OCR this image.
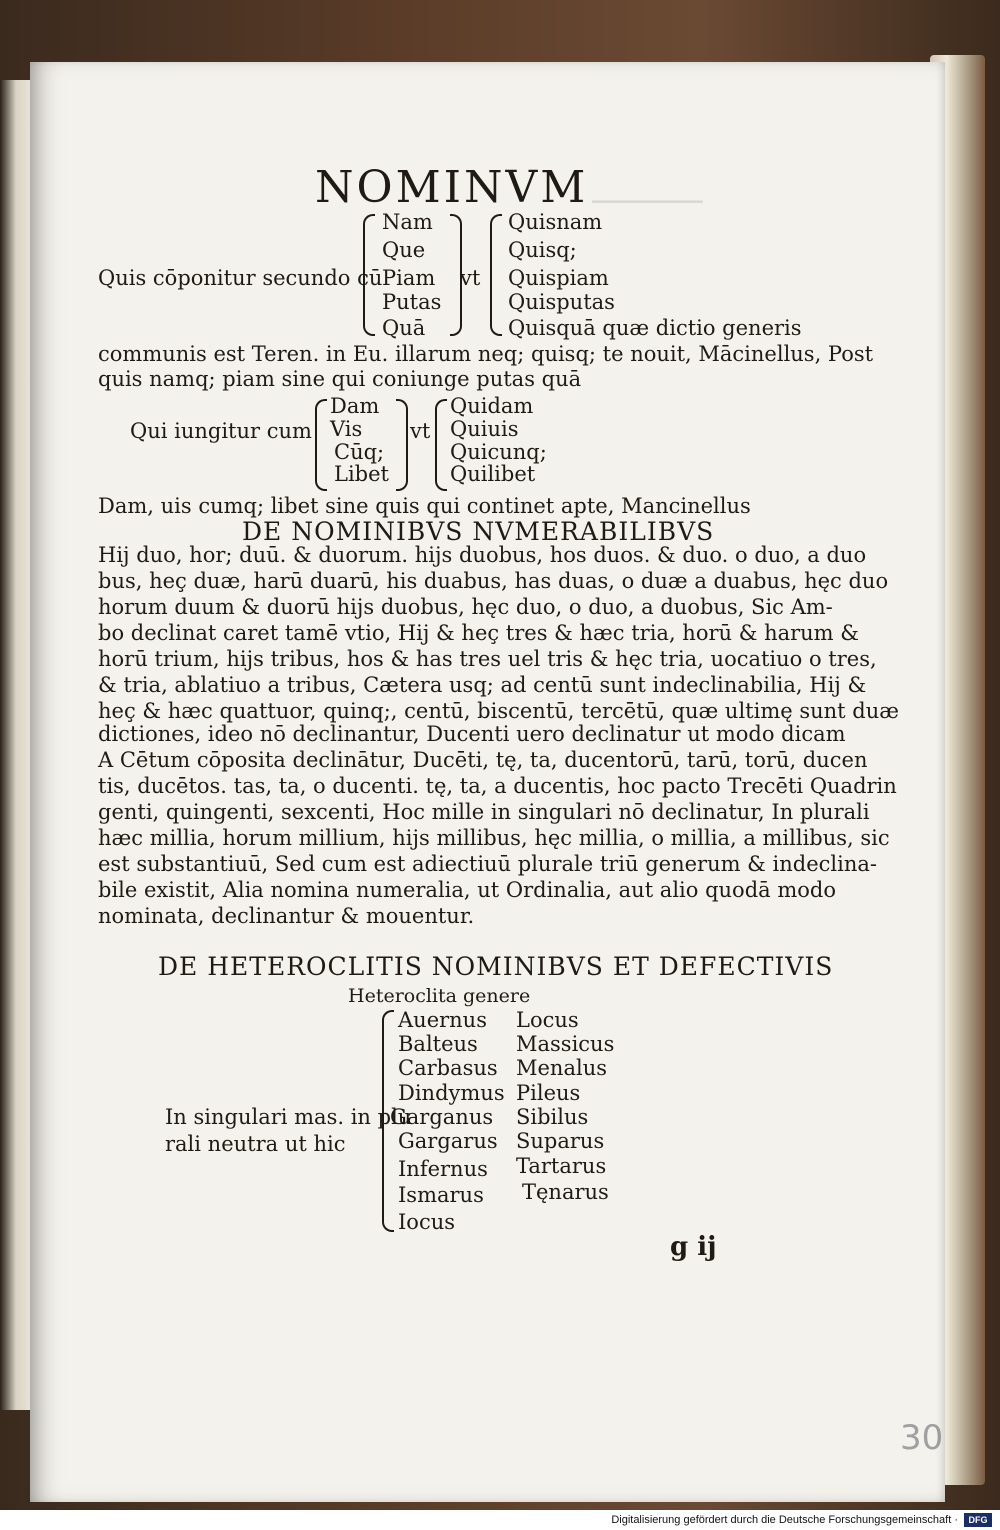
⸻
NOMINVM
Quis cōponitur secundo cū
Nam
Que
Piam
Putas
Quā
vt
Quisnam
Quisq;
Quispiam
Quisputas
Quisquā quæ dictio generis
communis est Teren. in Eu. illarum neq; quisq; te nouit, Mācinellus, Post
quis namq; piam sine qui coniunge putas quā
Qui iungitur cum
Dam
Vis
Cūq;
Libet
vt
Quidam
Quiuis
Quicunq;
Quilibet
Dam, uis cumq; libet sine quis qui continet apte, Mancinellus
DE NOMINIBVS NVMERABILIBVS
Hij duo, hor; duū. & duorum. hijs duobus, hos duos. & duo. o duo, a duo
bus, heç duæ, harū duarū, his duabus, has duas, o duæ a duabus, hęc duo
horum duum & duorū hijs duobus, hęc duo, o duo, a duobus, Sic Am-
bo declinat caret tamē vtio, Hij & heç tres & hæc tria, horū & harum &
horū trium, hijs tribus, hos & has tres uel tris & hęc tria, uocatiuo o tres,
& tria, ablatiuo a tribus, Cætera usq; ad centū sunt indeclinabilia, Hij &
heç & hæc quattuor, quinq;, centū, biscentū, tercētū, quæ ultimę sunt duæ
dictiones, ideo nō declinantur, Ducenti uero declinatur ut modo dicam
A Cētum cōposita declinātur, Ducēti, tę, ta, ducentorū, tarū, torū, ducen
tis, ducētos. tas, ta, o ducenti. tę, ta, a ducentis, hoc pacto Trecēti Quadrin
genti, quingenti, sexcenti, Hoc mille in singulari nō declinatur, In plurali
hæc millia, horum millium, hijs millibus, hęc millia, o millia, a millibus, sic
est substantiuū, Sed cum est adiectiuū plurale triū generum & indeclina-
bile existit, Alia nomina numeralia, ut Ordinalia, aut alio quodā modo
nominata, declinantur & mouentur.
DE HETEROCLITIS NOMINIBVS ET DEFECTIVIS
Heteroclita genere
In singulari mas. in plu
rali neutra ut hic
Auernus
Balteus
Carbasus
Dindymus
Garganus
Gargarus
Infernus
Ismarus
Iocus
Locus
Massicus
Menalus
Pileus
Sibilus
Suparus
Tartarus
Tęnarus
g ij
30
Digitalisierung gefördert durch die Deutsche Forschungsgemeinschaft ·	DFG
